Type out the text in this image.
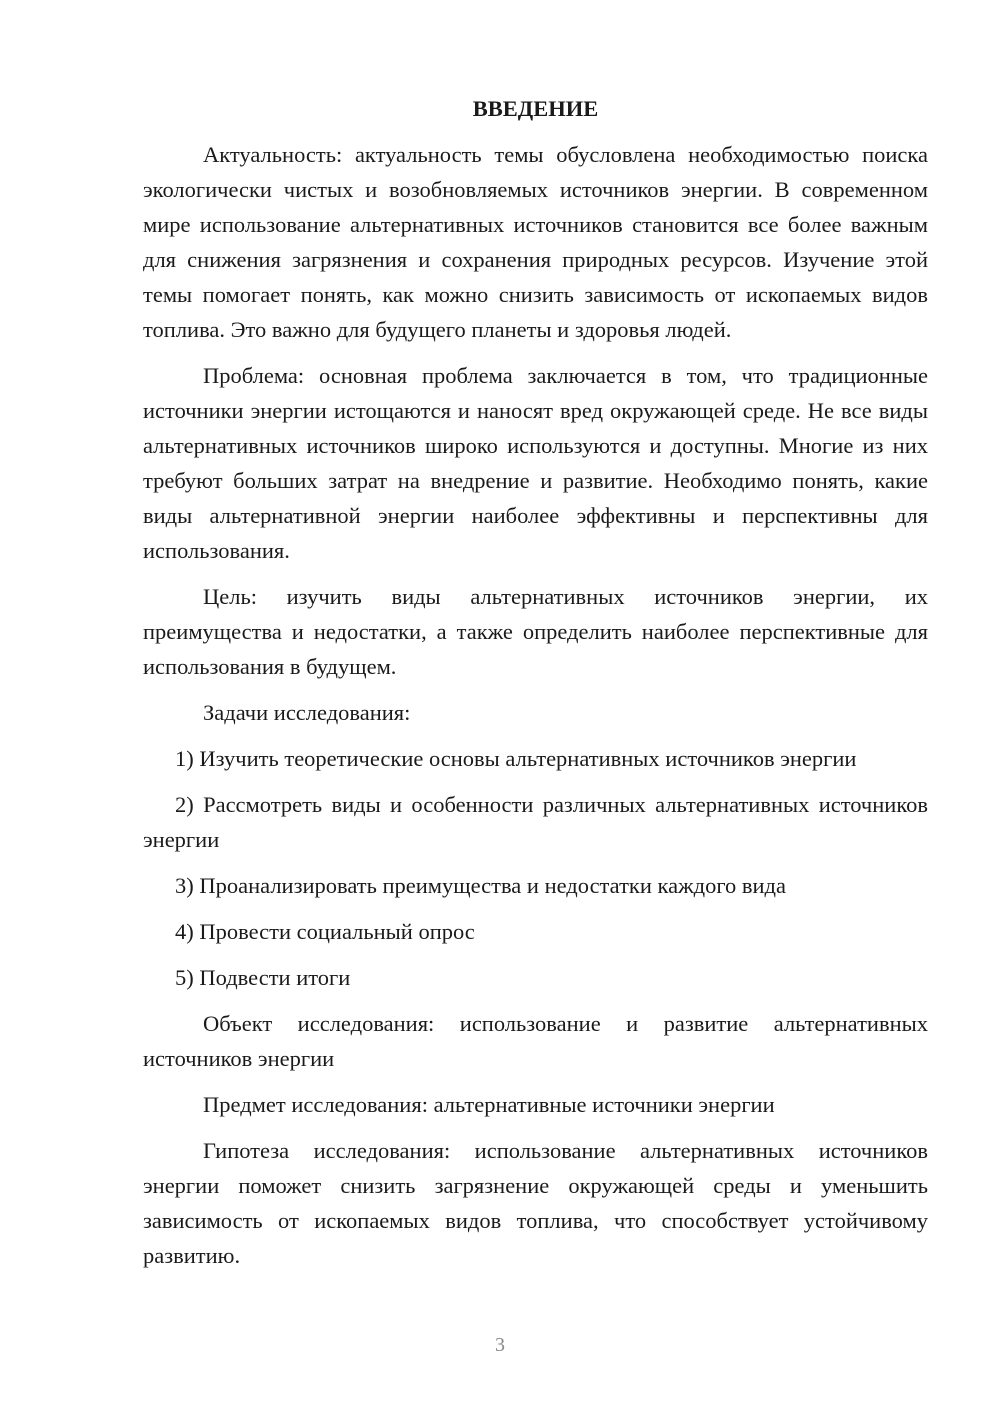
ВВЕДЕНИЕ

Актуальность: актуальность темы обусловлена необходимостью поиска экологически чистых и возобновляемых источников энергии. В современном мире использование альтернативных источников становится все более важным для снижения загрязнения и сохранения природных ресурсов. Изучение этой темы помогает понять, как можно снизить зависимость от ископаемых видов топлива. Это важно для будущего планеты и здоровья людей.

Проблема: основная проблема заключается в том, что традиционные источники энергии истощаются и наносят вред окружающей среде. Не все виды альтернативных источников широко используются и доступны. Многие из них требуют больших затрат на внедрение и развитие. Необходимо понять, какие виды альтернативной энергии наиболее эффективны и перспективны для использования.

Цель: изучить виды альтернативных источников энергии, их преимущества и недостатки, а также определить наиболее перспективные для использования в будущем.

Задачи исследования:

1) Изучить теоретические основы альтернативных источников энергии

2) Рассмотреть виды и особенности различных альтернативных источников энергии

3) Проанализировать преимущества и недостатки каждого вида

4) Провести социальный опрос

5) Подвести итоги

Объект исследования: использование и развитие альтернативных источников энергии

Предмет исследования: альтернативные источники энергии

Гипотеза исследования: использование альтернативных источников энергии поможет снизить загрязнение окружающей среды и уменьшить зависимость от ископаемых видов топлива, что способствует устойчивому развитию.

3
